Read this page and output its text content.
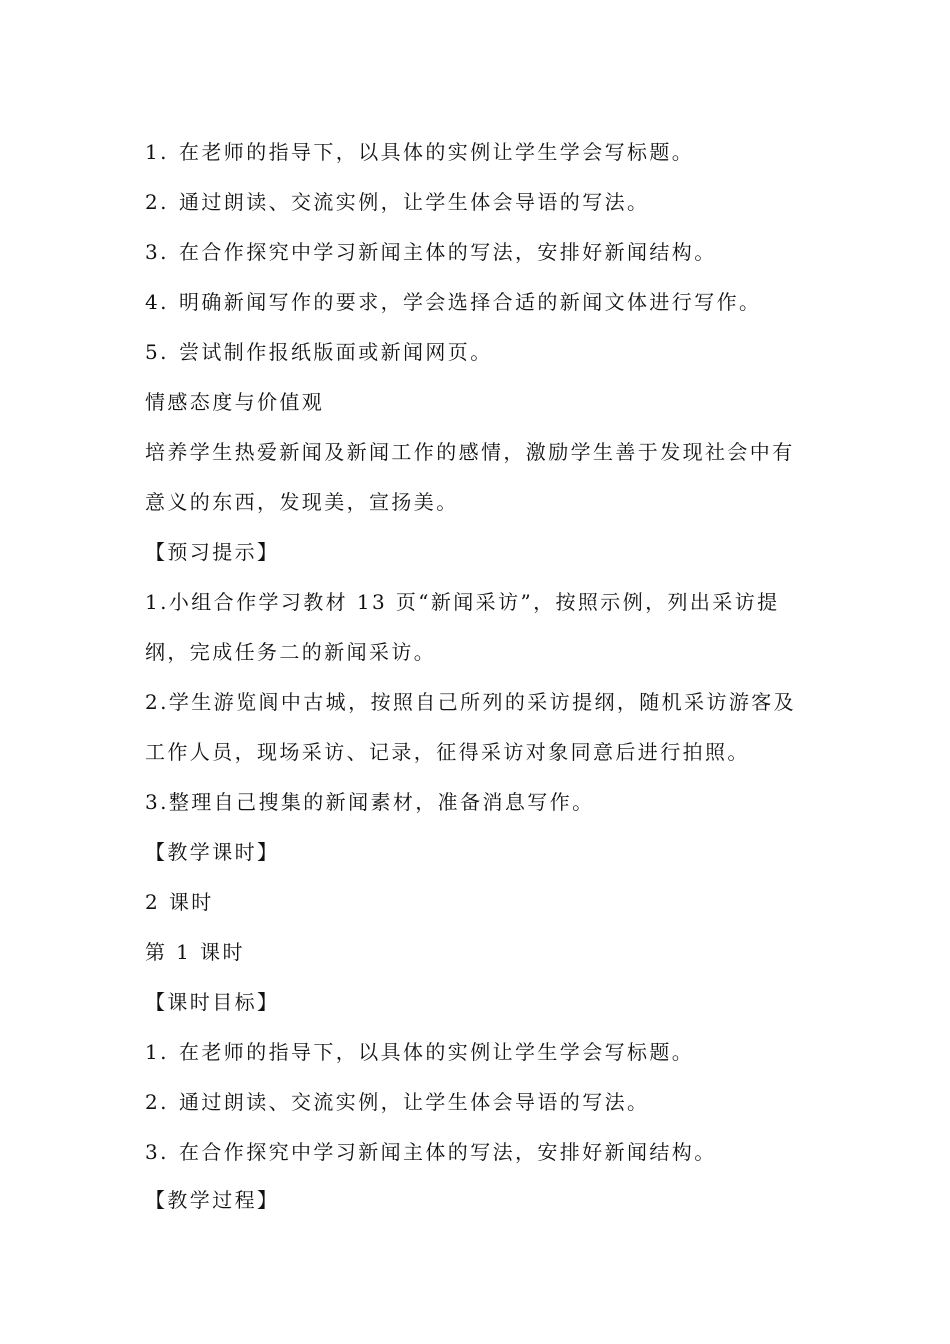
1. 在老师的指导下，以具体的实例让学生学会写标题。
2. 通过朗读、交流实例，让学生体会导语的写法。
3. 在合作探究中学习新闻主体的写法，安排好新闻结构。
4. 明确新闻写作的要求，学会选择合适的新闻文体进行写作。
5. 尝试制作报纸版面或新闻网页。
情感态度与价值观
培养学生热爱新闻及新闻工作的感情，激励学生善于发现社会中有
意义的东西，发现美，宣扬美。
【预习提示】
1.小组合作学习教材 13 页“新闻采访”，按照示例，列出采访提
纲，完成任务二的新闻采访。
2.学生游览阆中古城，按照自己所列的采访提纲，随机采访游客及
工作人员，现场采访、记录，征得采访对象同意后进行拍照。
3.整理自己搜集的新闻素材，准备消息写作。
【教学课时】
2 课时
第 1 课时
【课时目标】
1. 在老师的指导下，以具体的实例让学生学会写标题。
2. 通过朗读、交流实例，让学生体会导语的写法。
3. 在合作探究中学习新闻主体的写法，安排好新闻结构。
【教学过程】
